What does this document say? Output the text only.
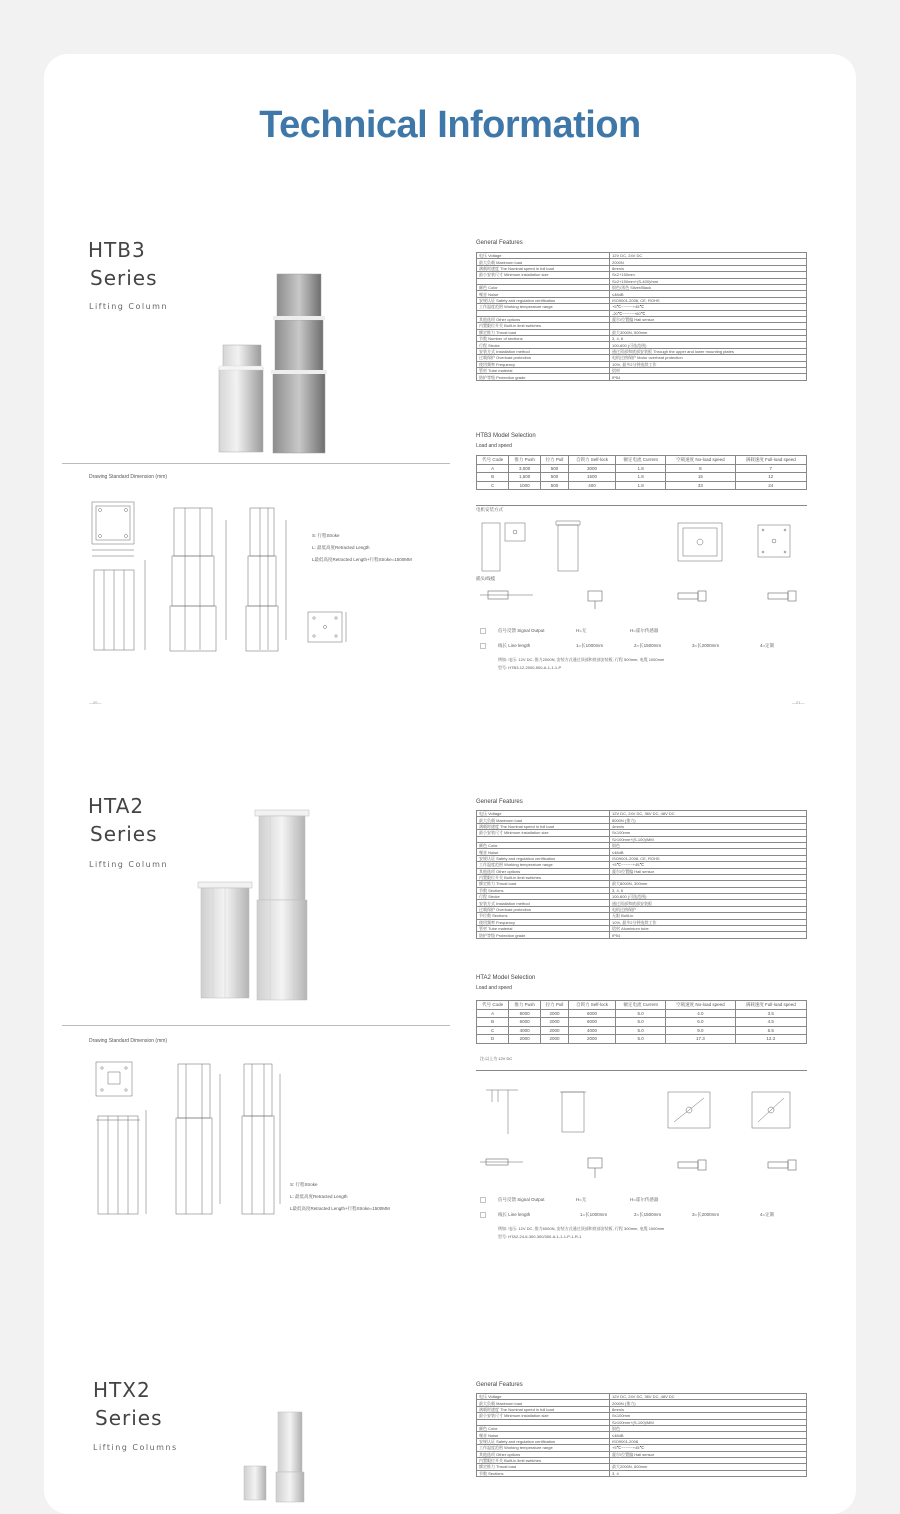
Technical Information
HTB3
Series
Lifting Column
Drawing Standard Dimension (mm)
S: 行程Stroke
L: 最低高度Retracted Length
L最低高度Retracted Length+行程Stroke=1500MM
—20—	—21—
General Features
电压 Voltage	12V DC, 24V DC
最大负载 Maximum load	2000N
满载时速度 The Nominal speed in full load	8mm/s
最小安装尺寸 Minimum installation size	S≤2+150mm
	S≥2+150mm+(S-400)/mm
颜色 Color	银色/黑色 Silver/Black
噪音 Noise	≤48dB
安规认证 Safety and regulation certification	ISO9001-2008, CE, ROHS
工作温度范围 Working temperature range	+5℃~~~~~+45℃
	-20℃~~~~~+60℃
其他选项 Other options	霍尔/位置编 Hall sensor
内置限位开关 Built-in limit switches	
额定推力 Thrust load	最大3000N, 500mm
节数 Number of sections	3, 4, 6
行程 Stroke	100-600 (可选范围)
安装方式 Installation method	通过顶部和底部安装板 Through the upper and lower mounting plates
过载保护 Overload protection	电机过热保护 Motor overheat protection
使用频率 Frequency	10%, 最多2分钟连续工作
管材 Tube material	铝材
防护等级 Protection grade	IP54
HTB3 Model Selection
Load and speed
代号 Code	推力 Push	拉力 Pull	自锁力 Self-lock	额定电流 Current	空载速度 No-load speed	满载速度 Full-load speed
A	3,000	500	3000	1.8	8	7
B	1,500	500	1500	1.8	15	12
C	1000	500	400	1.8	33	24
电机安装方式
插头/线缆
信号反馈 Signal Output	H=无	H=霍尔传感器
线长 Line length	1=长1000mm	2=长1500mm	3=长2000mm	4=定制
例如: 电压: 12V DC, 推力2000N, 安装方式通过顶部和底部安装板, 行程 500mm, 电缆 1000mm
型号: HTB3-12-2000-500-A-1-1-1-P
HTA2
Series
Lifting Column
Drawing Standard Dimension (mm)
S: 行程Stroke
L: 最低高度Retracted Length
L最低高度Retracted Length+行程Stroke=1500MM
General Features
电压 Voltage	12V DC, 24V DC, 36V DC, 48V DC
最大负载 Maximum load	8000N (推力)
满载时速度 The Nominal speed in full load	4mm/s
最小安装尺寸 Minimum installation size	S≤100mm
	S≥100mm+(S-100)/MM
颜色 Color	银色
噪音 Noise	≤48dB
安规认证 Safety and regulation certification	ISO9001-2008, CE, ROHS
工作温度范围 Working temperature range	+5℃~~~~~+45℃
其他选项 Other options	霍尔/位置编 Hall sensor
内置限位开关 Built-in limit switches	
额定推力 Thrust load	最大8000N, 300mm
节数 Sections	3, 4, 6
行程 Stroke	100-600 (可选范围)
安装方式 Installation method	通过顶部和底部安装板
过载保护 Overload protection	电机过热保护
节位数 Sections	无限 Built-in
使用频率 Frequency	10%, 最多2分钟连续工作
管材 Tube material	铝材 Aluminium tube
防护等级 Protection grade	IP54
HTA2 Model Selection
Load and speed
代号 Code	推力 Push	拉力 Pull	自锁力 Self-lock	额定电流 Current	空载速度 No-load speed	满载速度 Full-load speed
A	8000	2000	6000	5.0	4.0	3.5
B	6000	2000	6000	5.0	6.0	4.5
C	4000	2000	4000	5.0	9.0	6.5
D	2000	2000	2000	5.0	17.3	12.3
注:以上为 12V DC
信号反馈 Signal Output	H=无	H=霍尔传感器
线长 Line length	1=长1000mm	2=长1500mm	3=长2000mm	4=定制
例如: 电压: 12V DC, 推力6000N, 安装方式通过顶部和底部安装板, 行程 300mm, 电缆 1000mm
型号: HTA2-24-6-300-300/300-A-1-1-1-P-1-R-1
HTX2
Series
Lifting Columns
General Features
电压 Voltage	12V DC, 24V DC, 36V DC, 48V DC
最大负载 Maximum load	2000N (推力)
满载时速度 The Nominal speed in full load	8mm/s
最小安装尺寸 Minimum installation size	S≤100mm
	S≥100mm+(S-100)/MM
颜色 Color	银色
噪音 Noise	≤48dB
安规认证 Safety and regulation certification	ISO9001-2008
工作温度范围 Working temperature range	+5℃~~~~~+45℃
其他选项 Other options	霍尔/位置编 Hall sensor
内置限位开关 Built-in limit switches	
额定推力 Thrust load	最大2000N, 600mm
节数 Sections	3, 4
